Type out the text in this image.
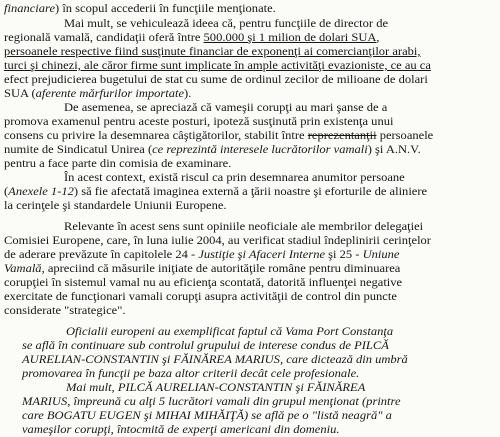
financiare) în scopul accederii în funcţiile menţionate.
Mai mult, se vehiculează ideea că, pentru funcţiile de director de
regională vamală, candidaţii oferă între 500.000 şi 1 milion de dolari SUA,
persoanele respective fiind susţinute financiar de exponenţi ai comercianţilor arabi,
turci şi chinezi, ale căror firme sunt implicate în ample activităţi evazioniste, ce au ca
efect prejudicierea bugetului de stat cu sume de ordinul zecilor de milioane de dolari
SUA (aferente mărfurilor importate).
De asemenea, se apreciază că vameşii corupţi au mari şanse de a
promova examenul pentru aceste posturi, ipoteză susţinută prin existenţa unui
consens cu privire la desemnarea câştigătorilor, stabilit între reprezentanţii persoanele
numite de Sindicatul Unirea (ce reprezintă interesele lucrătorilor vamali) şi A.N.V.
pentru a face parte din comisia de examinare.
În acest context, există riscul ca prin desemnarea anumitor persoane
(Anexele 1-12) să fie afectată imaginea externă a ţării noastre şi eforturile de aliniere
la cerinţele şi standardele Uniunii Europene.
Relevante în acest sens sunt opiniile neoficiale ale membrilor delegaţiei
Comisiei Europene, care, în luna iulie 2004, au verificat stadiul îndeplinirii cerinţelor
de aderare prevăzute în capitolele 24 - Justiţie şi Afaceri Interne şi 25 - Uniune
Vamală, apreciind că măsurile iniţiate de autorităţile române pentru diminuarea
corupţiei în sistemul vamal nu au eficienţa scontată, datorită influenţei negative
exercitate de funcţionari vamali corupţi asupra activităţii de control din puncte
considerate "strategice".
Oficialii europeni au exemplificat faptul că Vama Port Constanţa
se află în continuare sub controlul grupului de interese condus de PILCĂ
AURELIAN-CONSTANTIN şi FĂINĂREA MARIUS, care dictează din umbră
promovarea în funcţii pe baza altor criterii decât cele profesionale.
Mai mult, PILCĂ AURELIAN-CONSTANTIN şi FĂINĂREA
MARIUS, împreună cu alţi 5 lucrători vamali din grupul menţionat (printre
care BOGATU EUGEN şi MIHAI MIHĂIŢĂ) se află pe o "listă neagră" a
vameşilor corupţi, întocmită de experţi americani din domeniu.
